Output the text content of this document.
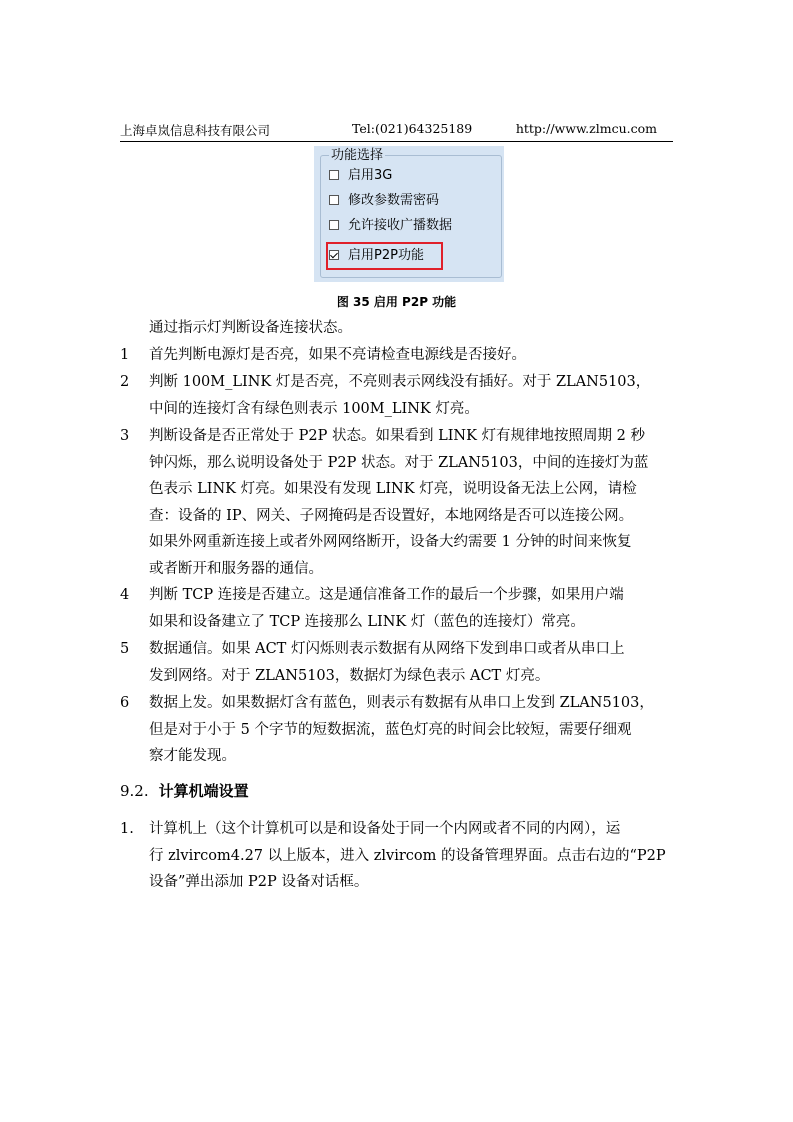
上海卓岚信息科技有限公司	Tel:(021)64325189	http://www.zlmcu.com
功能选择
启用3G
修改参数需密码
允许接收广播数据
启用P2P功能
图 35 启用 P2P 功能
通过指示灯判断设备连接状态。
1 首先判断电源灯是否亮，如果不亮请检查电源线是否接好。
2 判断 100M_LINK 灯是否亮，不亮则表示网线没有插好。对于 ZLAN5103，
中间的连接灯含有绿色则表示 100M_LINK 灯亮。
3 判断设备是否正常处于 P2P 状态。如果看到 LINK 灯有规律地按照周期 2 秒
钟闪烁，那么说明设备处于 P2P 状态。对于 ZLAN5103，中间的连接灯为蓝
色表示 LINK 灯亮。如果没有发现 LINK 灯亮，说明设备无法上公网，请检
查：设备的 IP、网关、子网掩码是否设置好，本地网络是否可以连接公网。
如果外网重新连接上或者外网网络断开，设备大约需要 1 分钟的时间来恢复
或者断开和服务器的通信。
4 判断 TCP 连接是否建立。这是通信准备工作的最后一个步骤，如果用户端
如果和设备建立了 TCP 连接那么 LINK 灯（蓝色的连接灯）常亮。
5 数据通信。如果 ACT 灯闪烁则表示数据有从网络下发到串口或者从串口上
发到网络。对于 ZLAN5103，数据灯为绿色表示 ACT 灯亮。
6 数据上发。如果数据灯含有蓝色，则表示有数据有从串口上发到 ZLAN5103，
但是对于小于 5 个字节的短数据流，蓝色灯亮的时间会比较短，需要仔细观
察才能发现。
9.2. 计算机端设置
1. 计算机上（这个计算机可以是和设备处于同一个内网或者不同的内网），运
行 zlvircom4.27 以上版本，进入 zlvircom 的设备管理界面。点击右边的“P2P
设备”弹出添加 P2P 设备对话框。
